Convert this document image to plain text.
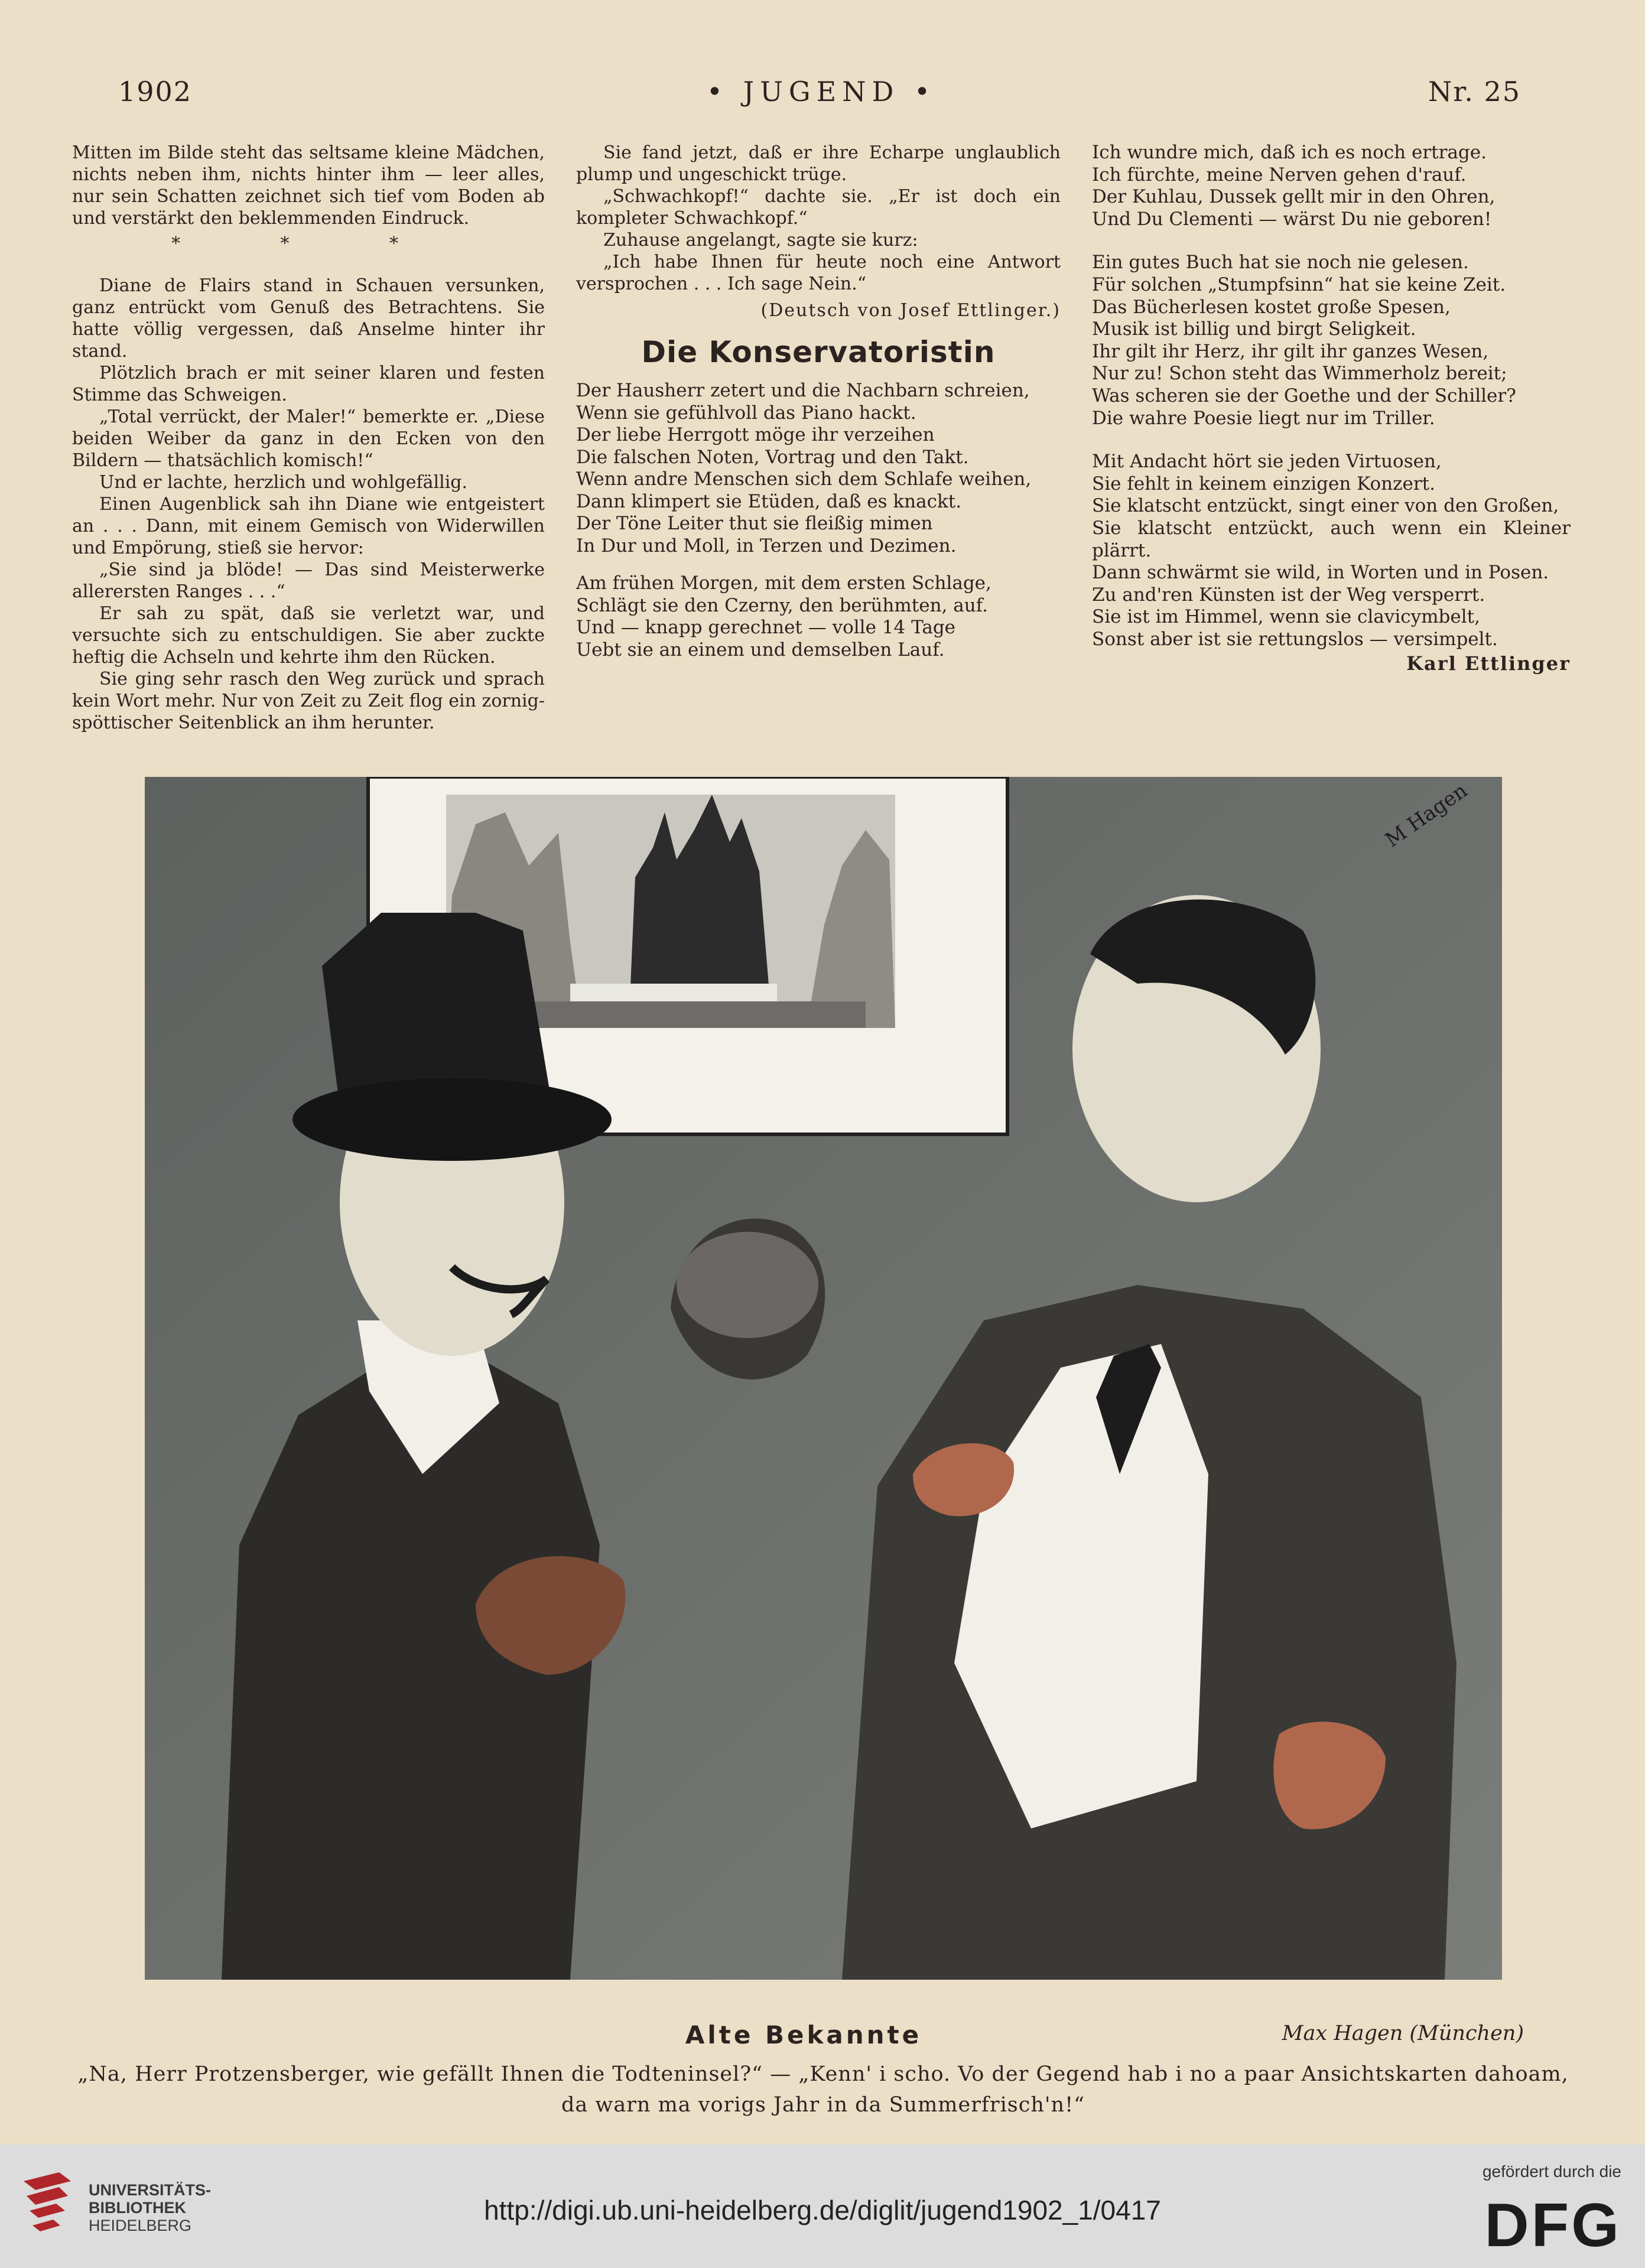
1902	• JUGEND •	Nr. 25

Mitten im Bilde steht das seltsame kleine Mädchen, nichts neben ihm, nichts hinter ihm — leer alles, nur sein Schatten zeichnet sich tief vom Boden ab und verstärkt den beklemmenden Eindruck.

* * *

Diane de Flairs stand in Schauen versunken, ganz entrückt vom Genuß des Betrachtens. Sie hatte völlig vergessen, daß Anselme hinter ihr stand.

Plötzlich brach er mit seiner klaren und festen Stimme das Schweigen.

„Total verrückt, der Maler!“ bemerkte er. „Diese beiden Weiber da ganz in den Ecken von den Bildern — thatsächlich komisch!“

Und er lachte, herzlich und wohlgefällig.

Einen Augenblick sah ihn Diane wie entgeistert an . . . Dann, mit einem Gemisch von Widerwillen und Empörung, stieß sie hervor:

„Sie sind ja blöde! — Das sind Meisterwerke allerersten Ranges . . .“

Er sah zu spät, daß sie verletzt war, und versuchte sich zu entschuldigen. Sie aber zuckte heftig die Achseln und kehrte ihm den Rücken.

Sie ging sehr rasch den Weg zurück und sprach kein Wort mehr. Nur von Zeit zu Zeit flog ein zornig-spöttischer Seitenblick an ihm herunter.

Sie fand jetzt, daß er ihre Echarpe unglaublich plump und ungeschickt trüge.

„Schwachkopf!“ dachte sie. „Er ist doch ein kompleter Schwachkopf.“

Zuhause angelangt, sagte sie kurz:

„Ich habe Ihnen für heute noch eine Antwort versprochen . . . Ich sage Nein.“

(Deutsch von Josef Ettlinger.)
Die Konservatoristin

Der Hausherr zetert und die Nachbarn schreien,

Wenn sie gefühlvoll das Piano hackt.

Der liebe Herrgott möge ihr verzeihen

Die falschen Noten, Vortrag und den Takt.

Wenn andre Menschen sich dem Schlafe weihen,

Dann klimpert sie Etüden, daß es knackt.

Der Töne Leiter thut sie fleißig mimen

In Dur und Moll, in Terzen und Dezimen.

Am frühen Morgen, mit dem ersten Schlage,

Schlägt sie den Czerny, den berühmten, auf.

Und — knapp gerechnet — volle 14 Tage

Uebt sie an einem und demselben Lauf.

Ich wundre mich, daß ich es noch ertrage.

Ich fürchte, meine Nerven gehen d'rauf.

Der Kuhlau, Dussek gellt mir in den Ohren,

Und Du Clementi — wärst Du nie geboren!

Ein gutes Buch hat sie noch nie gelesen.

Für solchen „Stumpfsinn“ hat sie keine Zeit.

Das Bücherlesen kostet große Spesen,

Musik ist billig und birgt Seligkeit.

Ihr gilt ihr Herz, ihr gilt ihr ganzes Wesen,

Nur zu! Schon steht das Wimmerholz bereit;

Was scheren sie der Goethe und der Schiller?

Die wahre Poesie liegt nur im Triller.

Mit Andacht hört sie jeden Virtuosen,

Sie fehlt in keinem einzigen Konzert.

Sie klatscht entzückt, singt einer von den Großen,

Sie klatscht entzückt, auch wenn ein Kleiner plärrt.

Dann schwärmt sie wild, in Worten und in Posen.

Zu and'ren Künsten ist der Weg versperrt.

Sie ist im Himmel, wenn sie clavicymbelt,

Sonst aber ist sie rettungslos — versimpelt.

Karl Ettlinger
M Hagen
Alte Bekannte	Max Hagen (München)
„Na, Herr Protzensberger, wie gefällt Ihnen die Todteninsel?“ — „Kenn' i scho. Vo der Gegend hab i no a paar Ansichtskarten dahoam, da warn ma vorigs Jahr in da Summerfrisch'n!“
UNIVERSITÄTS-
BIBLIOTHEK
HEIDELBERG	http://digi.ub.uni-heidelberg.de/diglit/jugend1902_1/0417
gefördert durch die
DFG
